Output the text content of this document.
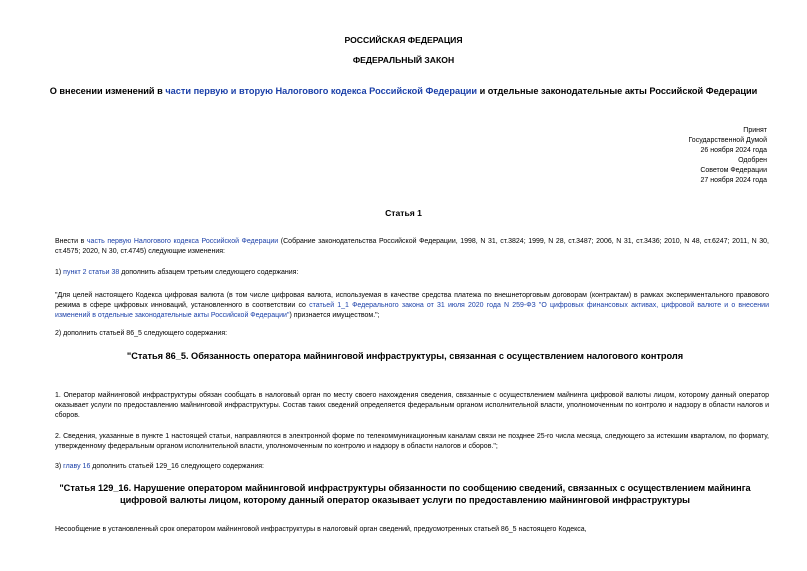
РОССИЙСКАЯ ФЕДЕРАЦИЯ
ФЕДЕРАЛЬНЫЙ ЗАКОН
О внесении изменений в части первую и вторую Налогового кодекса Российской Федерации и отдельные законодательные акты Российской Федерации
Принят
Государственной Думой
26 ноября 2024 года
Одобрен
Советом Федерации
27 ноября 2024 года
Статья 1
Внести в часть первую Налогового кодекса Российской Федерации (Собрание законодательства Российской Федерации, 1998, N 31, ст.3824; 1999, N 28, ст.3487; 2006, N 31, ст.3436; 2010, N 48, ст.6247; 2011, N 30, ст.4575; 2020, N 30, ст.4745) следующие изменения:
1) пункт 2 статьи 38 дополнить абзацем третьим следующего содержания:
"Для целей настоящего Кодекса цифровая валюта (в том числе цифровая валюта, используемая в качестве средства платежа по внешнеторговым договорам (контрактам) в рамках экспериментального правового режима в сфере цифровых инноваций, установленного в соответствии со статьей 1_1 Федерального закона от 31 июля 2020 года N 259-ФЗ "О цифровых финансовых активах, цифровой валюте и о внесении изменений в отдельные законодательные акты Российской Федерации") признается имуществом.";
2) дополнить статьей 86_5 следующего содержания:
"Статья 86_5. Обязанность оператора майнинговой инфраструктуры, связанная с осуществлением налогового контроля
1. Оператор майнинговой инфраструктуры обязан сообщать в налоговый орган по месту своего нахождения сведения, связанные с осуществлением майнинга цифровой валюты лицом, которому данный оператор оказывает услуги по предоставлению майнинговой инфраструктуры. Состав таких сведений определяется федеральным органом исполнительной власти, уполномоченным по контролю и надзору в области налогов и сборов.
2. Сведения, указанные в пункте 1 настоящей статьи, направляются в электронной форме по телекоммуникационным каналам связи не позднее 25-го числа месяца, следующего за истекшим кварталом, по формату, утвержденному федеральным органом исполнительной власти, уполномоченным по контролю и надзору в области налогов и сборов.";
3) главу 16 дополнить статьей 129_16 следующего содержания:
"Статья 129_16. Нарушение оператором майнинговой инфраструктуры обязанности по сообщению сведений, связанных с осуществлением майнинга цифровой валюты лицом, которому данный оператор оказывает услуги по предоставлению майнинговой инфраструктуры
Несообщение в установленный срок оператором майнинговой инфраструктуры в налоговый орган сведений, предусмотренных статьей 86_5 настоящего Кодекса,
